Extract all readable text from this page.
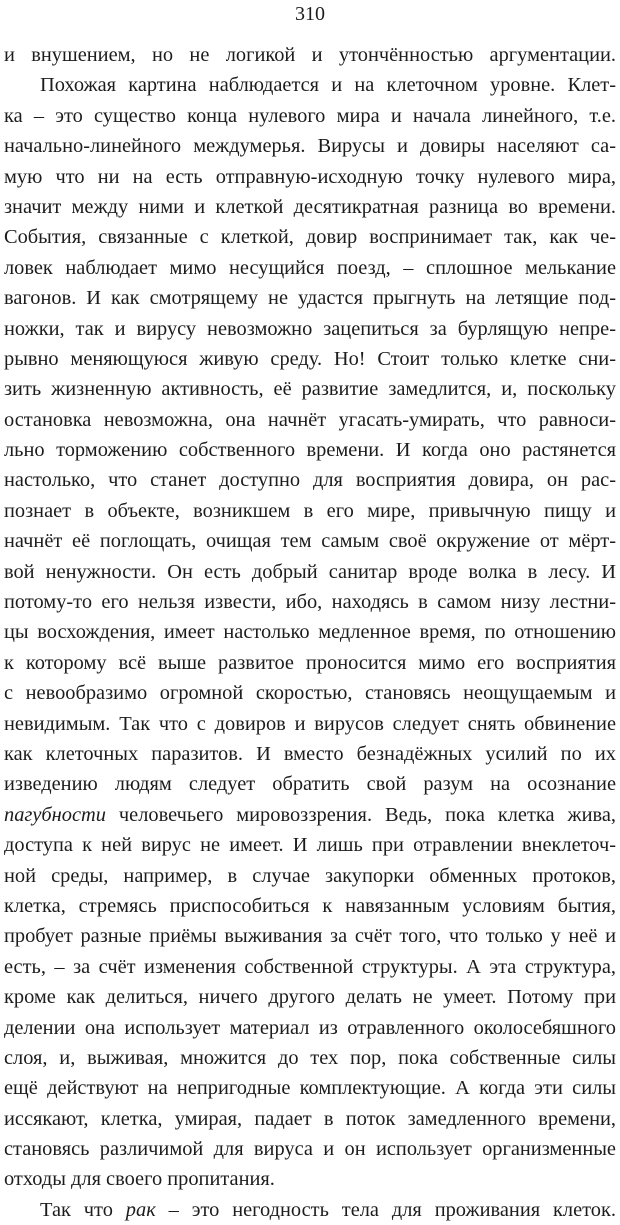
310
и внушением, но не логикой и утончённостью аргументации.
Похожая картина наблюдается и на клеточном уровне. Клет-
ка – это существо конца нулевого мира и начала линейного, т.е.
начально-линейного междумерья. Вирусы и довиры населяют са-
мую что ни на есть отправную-исходную точку нулевого мира,
значит между ними и клеткой десятикратная разница во времени.
События, связанные с клеткой, довир воспринимает так, как че-
ловек наблюдает мимо несущийся поезд, – сплошное мелькание
вагонов. И как смотрящему не удастся прыгнуть на летящие под-
ножки, так и вирусу невозможно зацепиться за бурлящую непре-
рывно меняющуюся живую среду. Но! Стоит только клетке сни-
зить жизненную активность, её развитие замедлится, и, поскольку
остановка невозможна, она начнёт угасать-умирать, что равноси-
льно торможению собственного времени. И когда оно растянется
настолько, что станет доступно для восприятия довира, он рас-
познает в объекте, возникшем в его мире, привычную пищу и
начнёт её поглощать, очищая тем самым своё окружение от мёрт-
вой ненужности. Он есть добрый санитар вроде волка в лесу. И
потому-то его нельзя извести, ибо, находясь в самом низу лестни-
цы восхождения, имеет настолько медленное время, по отношению
к которому всё выше развитое проносится мимо его восприятия
с невообразимо огромной скоростью, становясь неощущаемым и
невидимым. Так что с довиров и вирусов следует снять обвинение
как клеточных паразитов. И вместо безнадёжных усилий по их
изведению людям следует обратить свой разум на осознание
пагубности человечьего мировоззрения. Ведь, пока клетка жива,
доступа к ней вирус не имеет. И лишь при отравлении внеклеточ-
ной среды, например, в случае закупорки обменных протоков,
клетка, стремясь приспособиться к навязанным условиям бытия,
пробует разные приёмы выживания за счёт того, что только у неё и
есть, – за счёт изменения собственной структуры. А эта структура,
кроме как делиться, ничего другого делать не умеет. Потому при
делении она использует материал из отравленного околосебяшного
слоя, и, выживая, множится до тех пор, пока собственные силы
ещё действуют на непригодные комплектующие. А когда эти силы
иссякают, клетка, умирая, падает в поток замедленного времени,
становясь различимой для вируса и он использует организменные
отходы для своего пропитания.
Так что рак – это негодность тела для проживания клеток.
